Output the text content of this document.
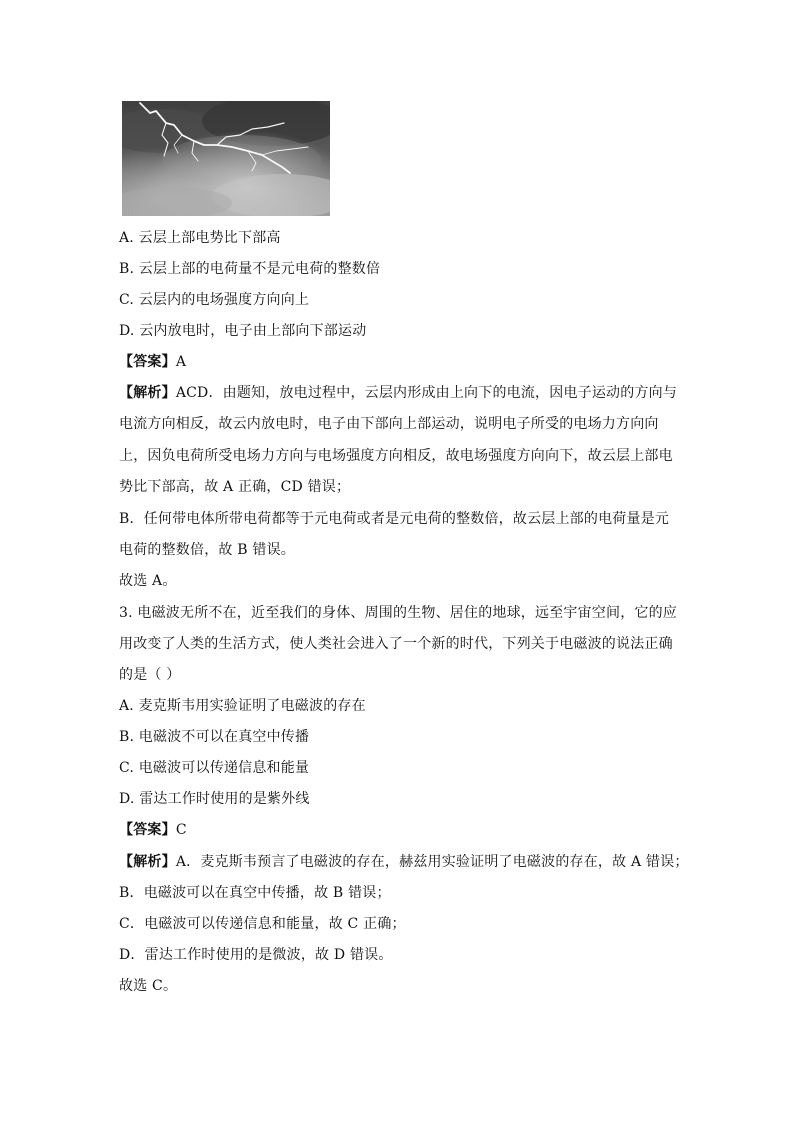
A. 云层上部电势比下部高
B. 云层上部的电荷量不是元电荷的整数倍
C. 云层内的电场强度方向向上
D. 云内放电时，电子由上部向下部运动
【答案】A
【解析】ACD．由题知，放电过程中，云层内形成由上向下的电流，因电子运动的方向与
电流方向相反，故云内放电时，电子由下部向上部运动，说明电子所受的电场力方向向
上，因负电荷所受电场力方向与电场强度方向相反，故电场强度方向向下，故云层上部电
势比下部高，故 A 正确，CD 错误；
B．任何带电体所带电荷都等于元电荷或者是元电荷的整数倍，故云层上部的电荷量是元
电荷的整数倍，故 B 错误。
故选 A。
3. 电磁波无所不在，近至我们的身体、周围的生物、居住的地球，远至宇宙空间，它的应
用改变了人类的生活方式，使人类社会进入了一个新的时代，下列关于电磁波的说法正确
的是（ ）
A. 麦克斯韦用实验证明了电磁波的存在
B. 电磁波不可以在真空中传播
C. 电磁波可以传递信息和能量
D. 雷达工作时使用的是紫外线
【答案】C
【解析】A．麦克斯韦预言了电磁波的存在，赫兹用实验证明了电磁波的存在，故 A 错误；
B．电磁波可以在真空中传播，故 B 错误；
C．电磁波可以传递信息和能量，故 C 正确；
D．雷达工作时使用的是微波，故 D 错误。
故选 C。
